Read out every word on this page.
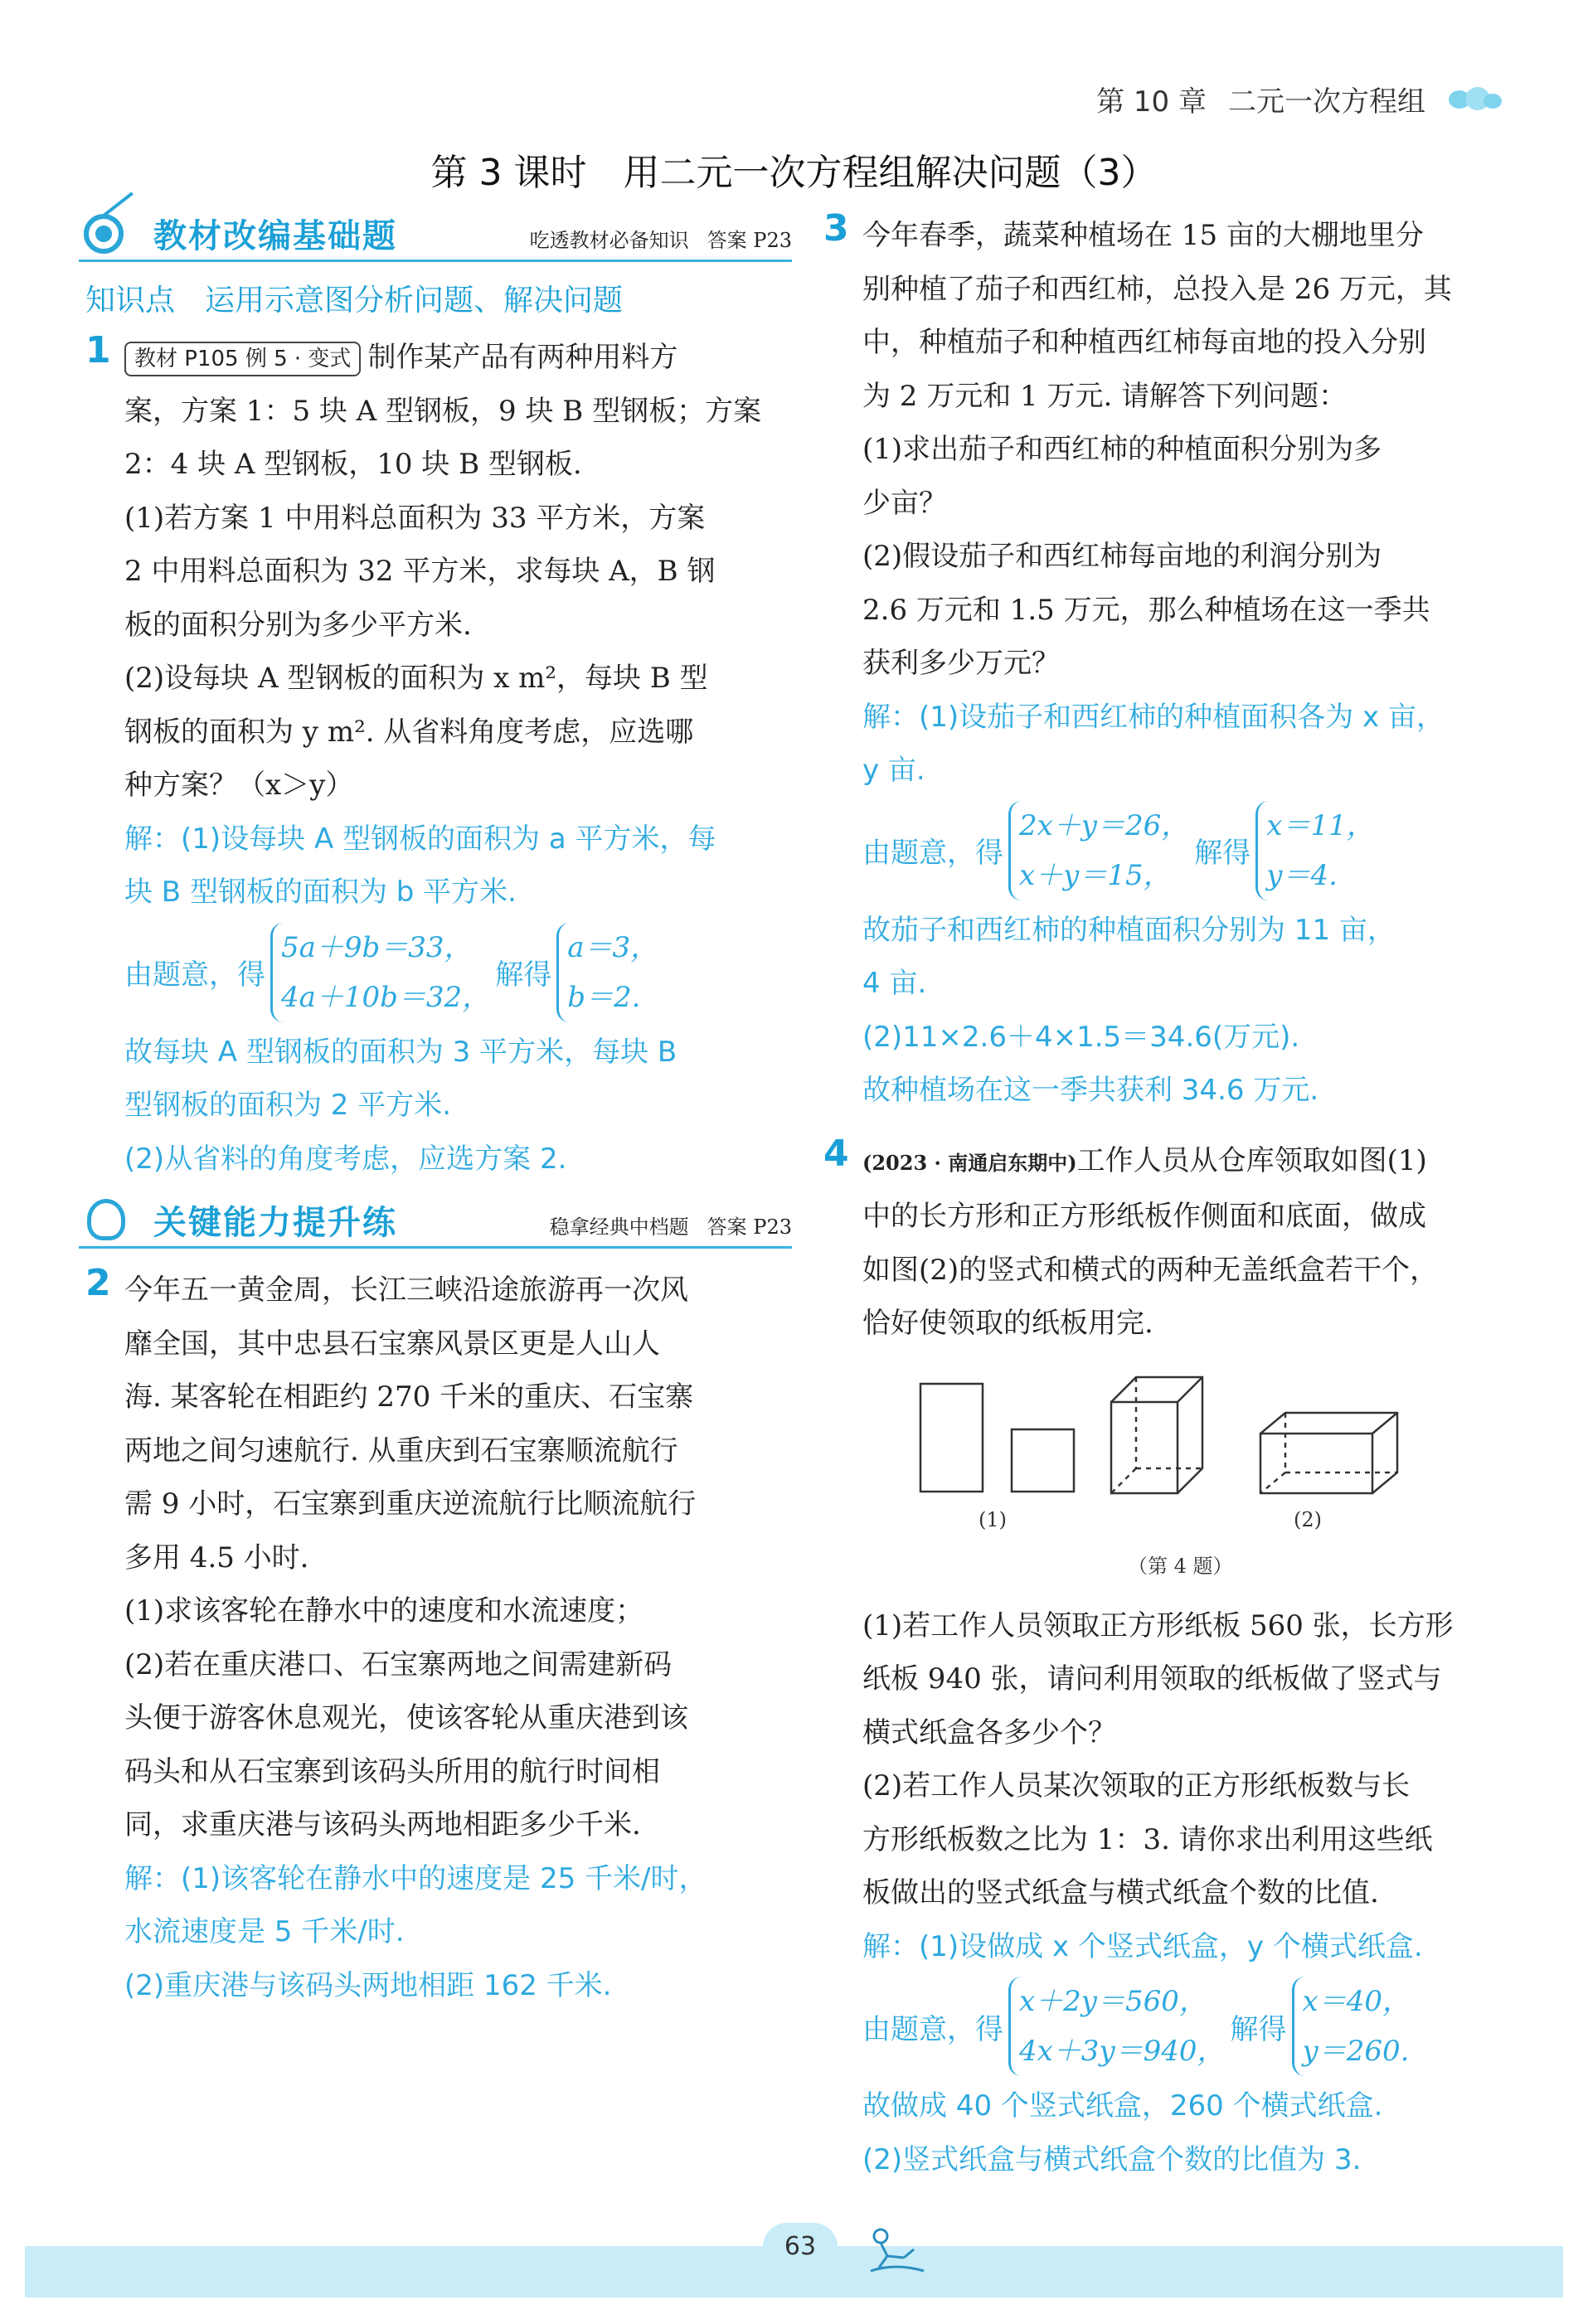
第 10 章 二元一次方程组
第 3 课时　用二元一次方程组解决问题（3）
教材改编基础题	吃透教材必备知识 答案 P23
知识点　运用示意图分析问题、解决问题
1	教材 P105 例 5 · 变式 制作某产品有两种用料方
案，方案 1：5 块 A 型钢板，9 块 B 型钢板；方案
2：4 块 A 型钢板，10 块 B 型钢板.
(1)若方案 1 中用料总面积为 33 平方米，方案
2 中用料总面积为 32 平方米，求每块 A，B 钢
板的面积分别为多少平方米.
(2)设每块 A 型钢板的面积为 x m²，每块 B 型
钢板的面积为 y m². 从省料角度考虑，应选哪
种方案？（x＞y）
解：(1)设每块 A 型钢板的面积为 a 平方米，每
块 B 型钢板的面积为 b 平方米.
由题意，得
5a＋9b＝33，
4a＋10b＝32，
解得
a＝3，
b＝2.
故每块 A 型钢板的面积为 3 平方米，每块 B
型钢板的面积为 2 平方米.
(2)从省料的角度考虑，应选方案 2.
关键能力提升练	稳拿经典中档题 答案 P23
2 今年五一黄金周，长江三峡沿途旅游再一次风
靡全国，其中忠县石宝寨风景区更是人山人
海. 某客轮在相距约 270 千米的重庆、石宝寨
两地之间匀速航行. 从重庆到石宝寨顺流航行
需 9 小时，石宝寨到重庆逆流航行比顺流航行
多用 4.5 小时.
(1)求该客轮在静水中的速度和水流速度；
(2)若在重庆港口、石宝寨两地之间需建新码
头便于游客休息观光，使该客轮从重庆港到该
码头和从石宝寨到该码头所用的航行时间相
同，求重庆港与该码头两地相距多少千米.
解：(1)该客轮在静水中的速度是 25 千米/时，
水流速度是 5 千米/时.
(2)重庆港与该码头两地相距 162 千米.
3 今年春季，蔬菜种植场在 15 亩的大棚地里分
别种植了茄子和西红柿，总投入是 26 万元，其
中，种植茄子和种植西红柿每亩地的投入分别
为 2 万元和 1 万元. 请解答下列问题：
(1)求出茄子和西红柿的种植面积分别为多
少亩？
(2)假设茄子和西红柿每亩地的利润分别为
2.6 万元和 1.5 万元，那么种植场在这一季共
获利多少万元？
解：(1)设茄子和西红柿的种植面积各为 x 亩，
y 亩.
由题意，得
2x＋y＝26，
x＋y＝15，
解得
x＝11，
y＝4.
故茄子和西红柿的种植面积分别为 11 亩，
4 亩.
(2)11×2.6＋4×1.5＝34.6(万元).
故种植场在这一季共获利 34.6 万元.
4 (2023 · 南通启东期中)工作人员从仓库领取如图(1)
中的长方形和正方形纸板作侧面和底面，做成
如图(2)的竖式和横式的两种无盖纸盒若干个，
恰好使领取的纸板用完.
(1)	(2)
（第 4 题）
(1)若工作人员领取正方形纸板 560 张，长方形
纸板 940 张，请问利用领取的纸板做了竖式与
横式纸盒各多少个？
(2)若工作人员某次领取的正方形纸板数与长
方形纸板数之比为 1：3. 请你求出利用这些纸
板做出的竖式纸盒与横式纸盒个数的比值.
解：(1)设做成 x 个竖式纸盒，y 个横式纸盒.
由题意，得
x＋2y＝560，
4x＋3y＝940，
解得
x＝40，
y＝260.
故做成 40 个竖式纸盒，260 个横式纸盒.
(2)竖式纸盒与横式纸盒个数的比值为 3.
63
